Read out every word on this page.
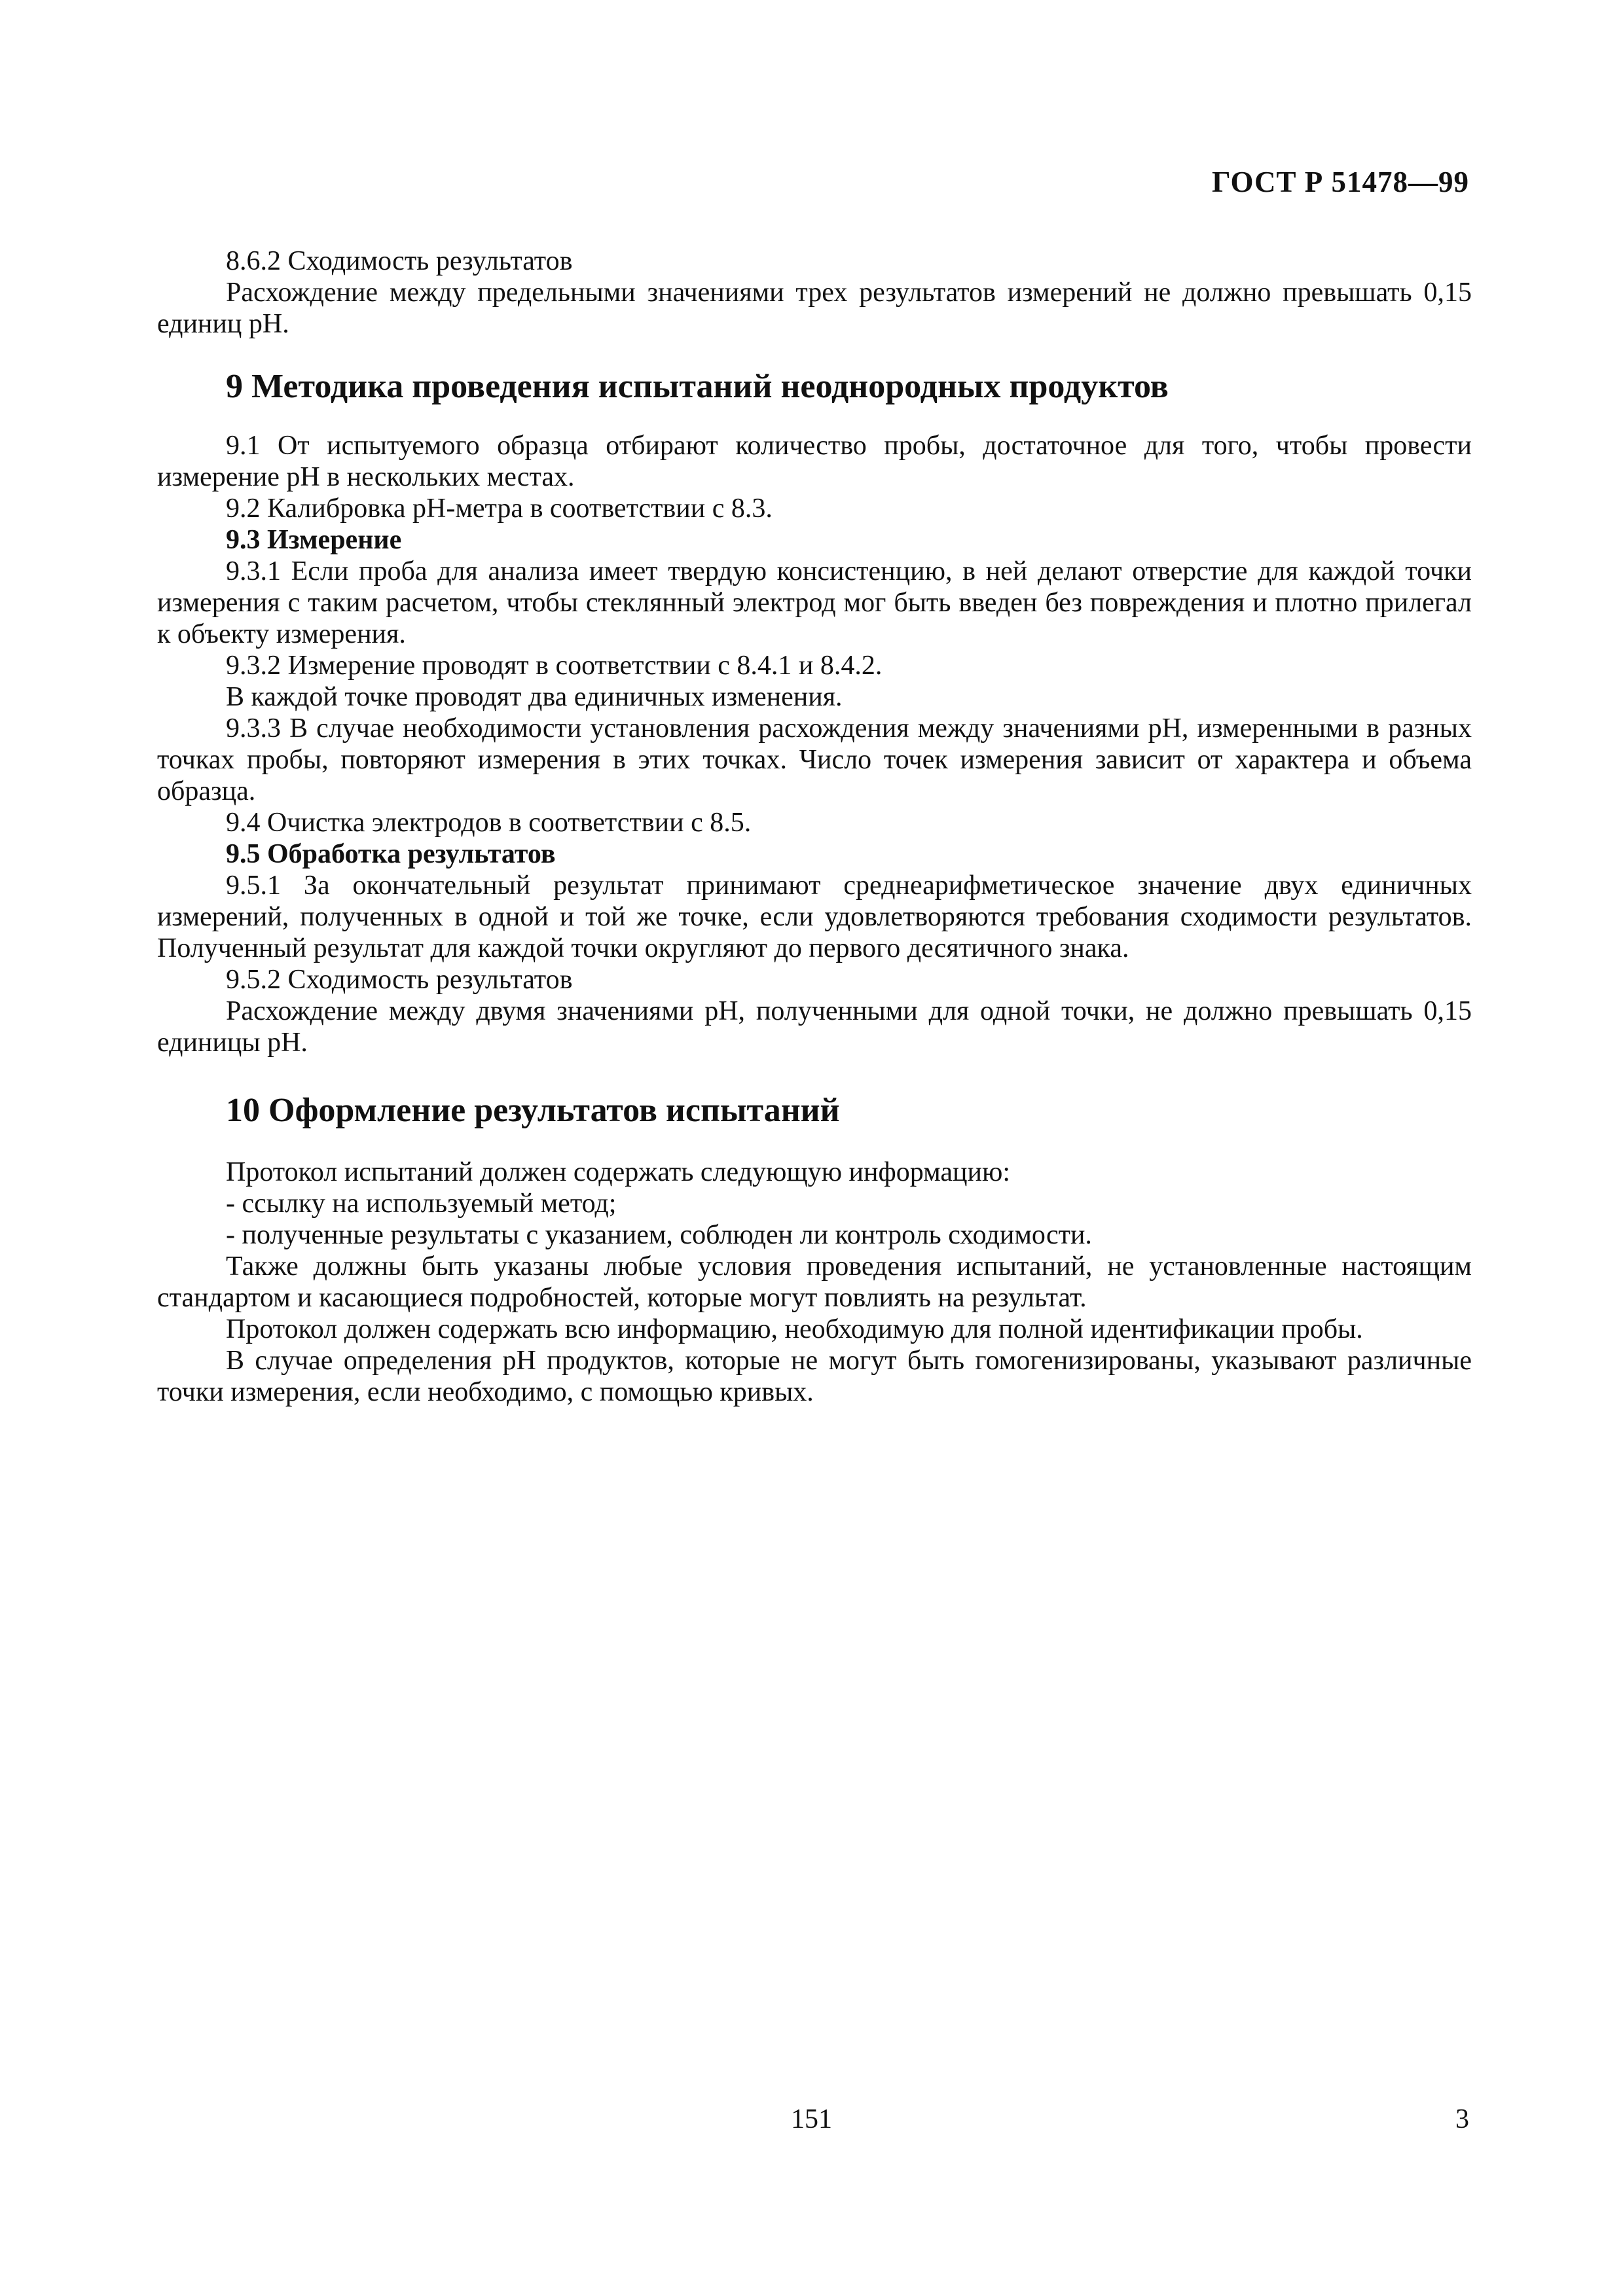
ГОСТ Р 51478—99

8.6.2 Сходимость результатов

Расхождение между предельными значениями трех результатов измерений не должно превышать 0,15 единиц рН.

9 Методика проведения испытаний неоднородных продуктов

9.1 От испытуемого образца отбирают количество пробы, достаточное для того, чтобы провести измерение рН в нескольких местах.

9.2 Калибровка рН-метра в соответствии с 8.3.

9.3 Измерение

9.3.1 Если проба для анализа имеет твердую консистенцию, в ней делают отверстие для каждой точки измерения с таким расчетом, чтобы стеклянный электрод мог быть введен без повреждения и плотно прилегал к объекту измерения.

9.3.2 Измерение проводят в соответствии с 8.4.1 и 8.4.2.

В каждой точке проводят два единичных изменения.

9.3.3 В случае необходимости установления расхождения между значениями рН, измеренными в разных точках пробы, повторяют измерения в этих точках. Число точек измерения зависит от характера и объема образца.

9.4 Очистка электродов в соответствии с 8.5.

9.5 Обработка результатов

9.5.1 За окончательный результат принимают среднеарифметическое значение двух единичных измерений, полученных в одной и той же точке, если удовлетворяются требования сходимости результатов. Полученный результат для каждой точки округляют до первого десятичного знака.

9.5.2 Сходимость результатов

Расхождение между двумя значениями рН, полученными для одной точки, не должно превышать 0,15 единицы рН.

10 Оформление результатов испытаний

Протокол испытаний должен содержать следующую информацию:

- ссылку на используемый метод;

- полученные результаты с указанием, соблюден ли контроль сходимости.

Также должны быть указаны любые условия проведения испытаний, не установленные настоящим стандартом и касающиеся подробностей, которые могут повлиять на результат.

Протокол должен содержать всю информацию, необходимую для полной идентификации пробы.

В случае определения рН продуктов, которые не могут быть гомогенизированы, указывают различные точки измерения, если необходимо, с помощью кривых.

151	3
